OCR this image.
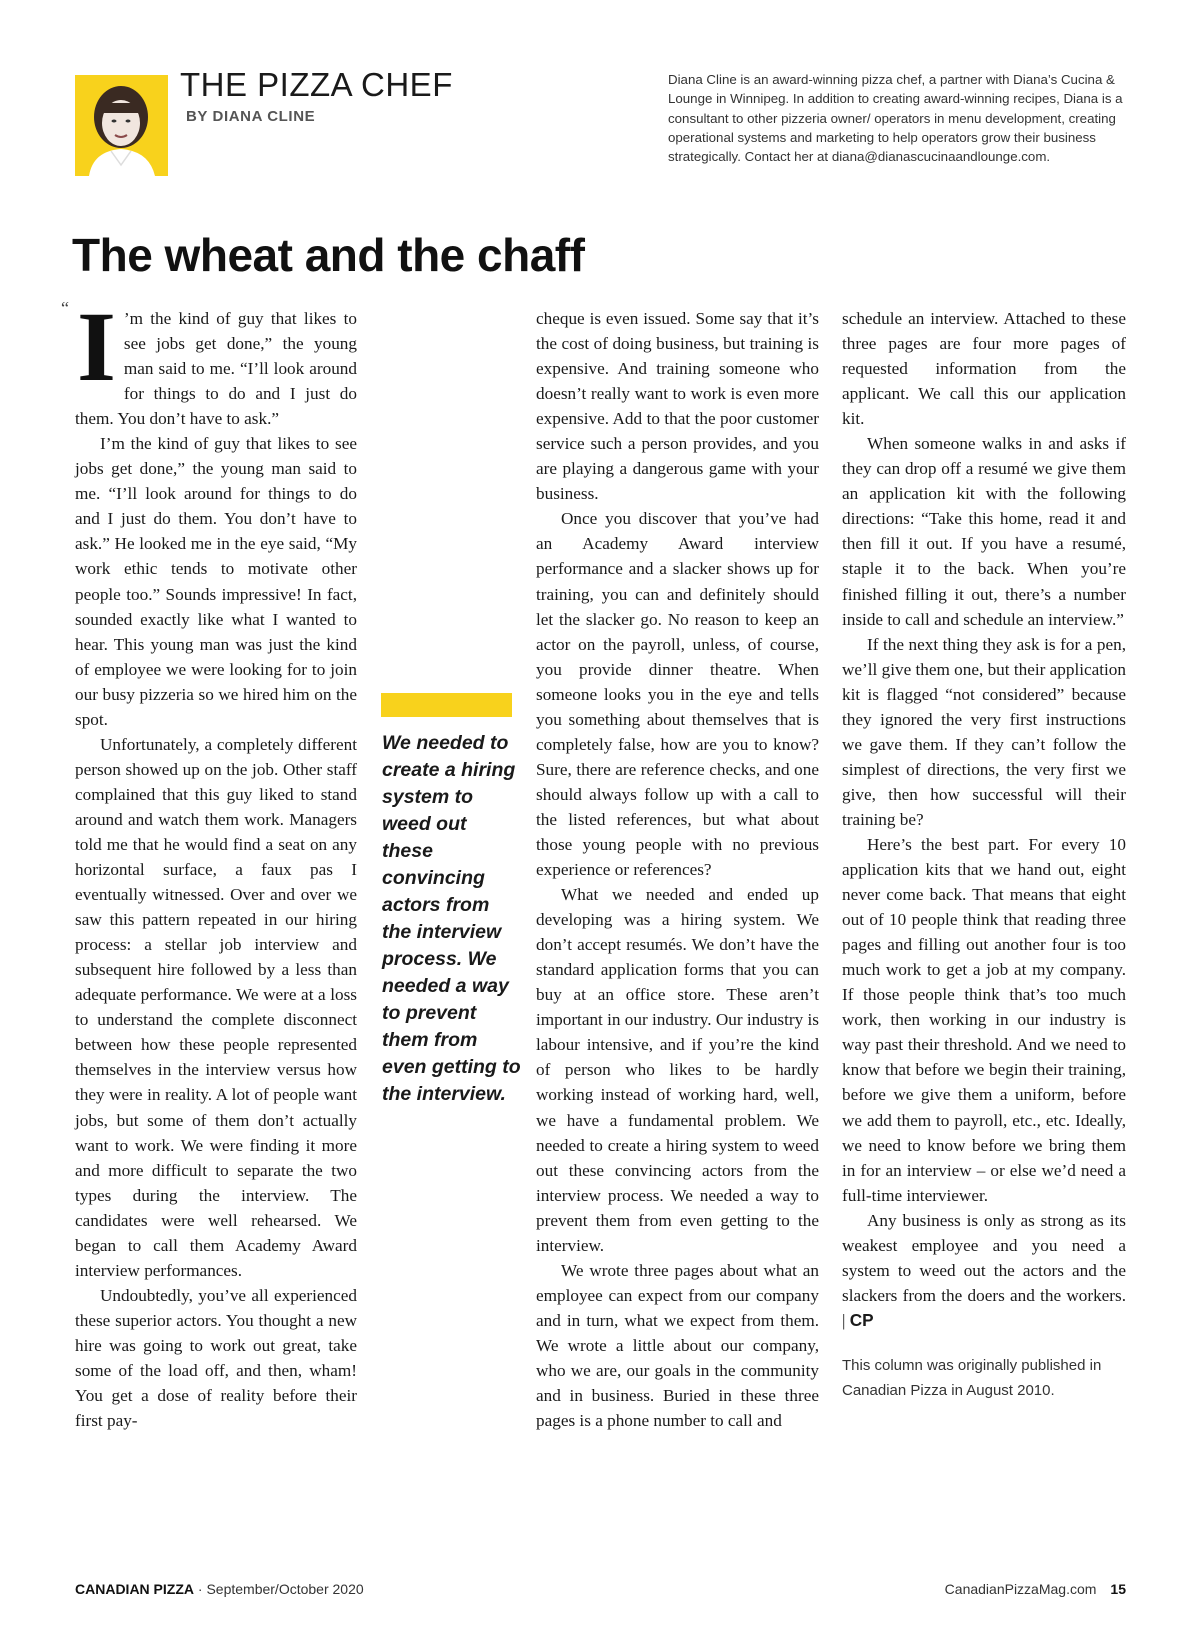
THE PIZZA CHEF
BY DIANA CLINE
Diana Cline is an award-winning pizza chef, a partner with Diana’s Cucina & Lounge in Winnipeg. In addition to creating award-winning recipes, Diana is a consultant to other pizzeria owner/ operators in menu development, creating operational systems and marketing to help operators grow their business strategically. Contact her at diana@dianascucinaandlounge.com.
The wheat and the chaff
“ I ’m the kind of guy that likes to see jobs get done,” the young man said to me. “I’ll look around for things to do and I just do them. You don’t have to ask.”

I’m the kind of guy that likes to see jobs get done,” the young man said to me. “I’ll look around for things to do and I just do them. You don’t have to ask.” He looked me in the eye said, “My work ethic tends to motivate other people too.” Sounds impressive! In fact, sounded exactly like what I wanted to hear. This young man was just the kind of employee we were looking for to join our busy pizzeria so we hired him on the spot.

Unfortunately, a completely different person showed up on the job. Other staff complained that this guy liked to stand around and watch them work. Managers told me that he would find a seat on any horizontal surface, a faux pas I eventually witnessed. Over and over we saw this pattern repeated in our hiring process: a stellar job interview and subsequent hire followed by a less than adequate performance. We were at a loss to understand the complete disconnect between how these people represented themselves in the interview versus how they were in reality. A lot of people want jobs, but some of them don’t actually want to work. We were finding it more and more difficult to separate the two types during the interview. The candidates were well rehearsed. We began to call them Academy Award interview performances.

Undoubtedly, you’ve all experienced these superior actors. You thought a new hire was going to work out great, take some of the load off, and then, wham! You get a dose of reality before their first pay-

We needed to create a hiring system to weed out these convincing actors from the interview process. We needed a way to prevent them from even getting to the interview.

cheque is even issued. Some say that it’s the cost of doing business, but training is expensive. And training someone who doesn’t really want to work is even more expensive. Add to that the poor customer service such a person provides, and you are playing a dangerous game with your business.

Once you discover that you’ve had an Academy Award interview performance and a slacker shows up for training, you can and definitely should let the slacker go. No reason to keep an actor on the payroll, unless, of course, you provide dinner theatre. When someone looks you in the eye and tells you something about themselves that is completely false, how are you to know? Sure, there are reference checks, and one should always follow up with a call to the listed references, but what about those young people with no previous experience or references?

What we needed and ended up developing was a hiring system. We don’t accept resumés. We don’t have the standard application forms that you can buy at an office store. These aren’t important in our industry. Our industry is labour intensive, and if you’re the kind of person who likes to be hardly working instead of working hard, well, we have a fundamental problem. We needed to create a hiring system to weed out these convincing actors from the interview process. We needed a way to prevent them from even getting to the interview.

We wrote three pages about what an employee can expect from our company and in turn, what we expect from them. We wrote a little about our company, who we are, our goals in the community and in business. Buried in these three pages is a phone number to call and

schedule an interview. Attached to these three pages are four more pages of requested information from the applicant. We call this our application kit.

When someone walks in and asks if they can drop off a resumé we give them an application kit with the following directions: “Take this home, read it and then fill it out. If you have a resumé, staple it to the back. When you’re finished filling it out, there’s a number inside to call and schedule an interview.”

If the next thing they ask is for a pen, we’ll give them one, but their application kit is flagged “not considered” because they ignored the very first instructions we gave them. If they can’t follow the simplest of directions, the very first we give, then how successful will their training be?

Here’s the best part. For every 10 application kits that we hand out, eight never come back. That means that eight out of 10 people think that reading three pages and filling out another four is too much work to get a job at my company. If those people think that’s too much work, then working in our industry is way past their threshold. And we need to know that before we begin their training, before we give them a uniform, before we add them to payroll, etc., etc. Ideally, we need to know before we bring them in for an interview – or else we’d need a full-time interviewer.

Any business is only as strong as its weakest employee and you need a system to weed out the actors and the slackers from the doers and the workers. | CP

This column was originally published in Canadian Pizza in August 2010.
CANADIAN PIZZA · September/October 2020	CanadianPizzaMag.com 15
